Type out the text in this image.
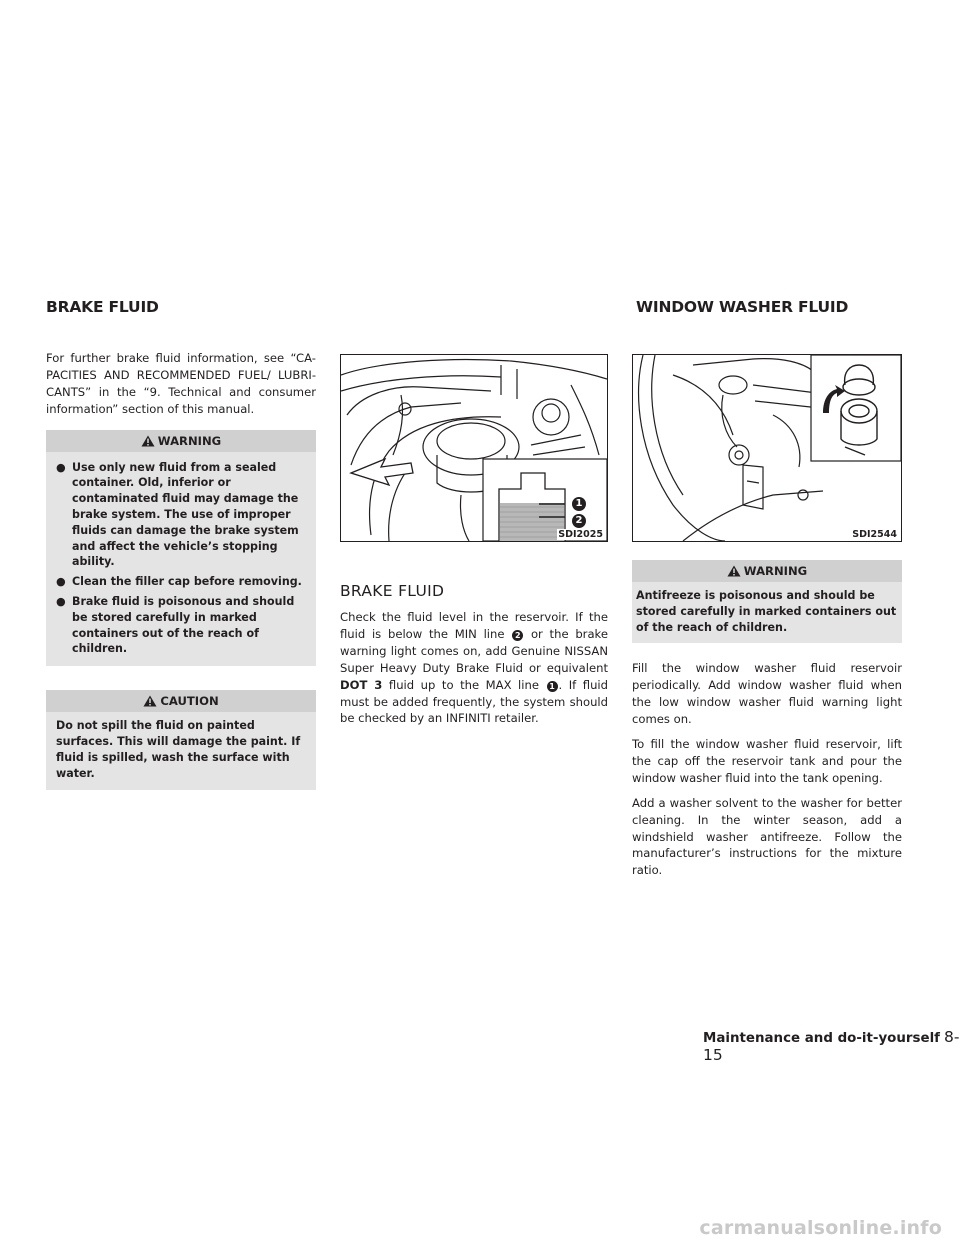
BRAKE FLUID	WINDOW WASHER FLUID

For further brake fluid information, see “CA-PACITIES AND RECOMMENDED FUEL/ LUBRI-CANTS” in the “9. Technical and consumer information” section of this manual.

WARNING

● Use only new fluid from a sealed container. Old, inferior or contaminated fluid may damage the brake system. The use of improper fluids can damage the brake system and affect the vehicle’s stopping ability.

● Clean the filler cap before removing.

● Brake fluid is poisonous and should be stored carefully in marked containers out of the reach of children.

CAUTION

Do not spill the fluid on painted surfaces. This will damage the paint. If fluid is spilled, wash the surface with water.

1
2
SDI2025
BRAKE FLUID

Check the fluid level in the reservoir. If the fluid is below the MIN line 2 or the brake warning light comes on, add Genuine NISSAN Super Heavy Duty Brake Fluid or equivalent DOT 3 fluid up to the MAX line 1 . If fluid must be added frequently, the system should be checked by an INFINITI retailer.

SDI2544
WARNING

Antifreeze is poisonous and should be stored carefully in marked containers out of the reach of children.

Fill the window washer fluid reservoir periodically. Add window washer fluid when the low window washer fluid warning light comes on.

To fill the window washer fluid reservoir, lift the cap off the reservoir tank and pour the window washer fluid into the tank opening.

Add a washer solvent to the washer for better cleaning. In the winter season, add a windshield washer antifreeze. Follow the manufacturer’s instructions for the mixture ratio.

Maintenance and do-it-yourself 8-15
carmanualsonline.info
